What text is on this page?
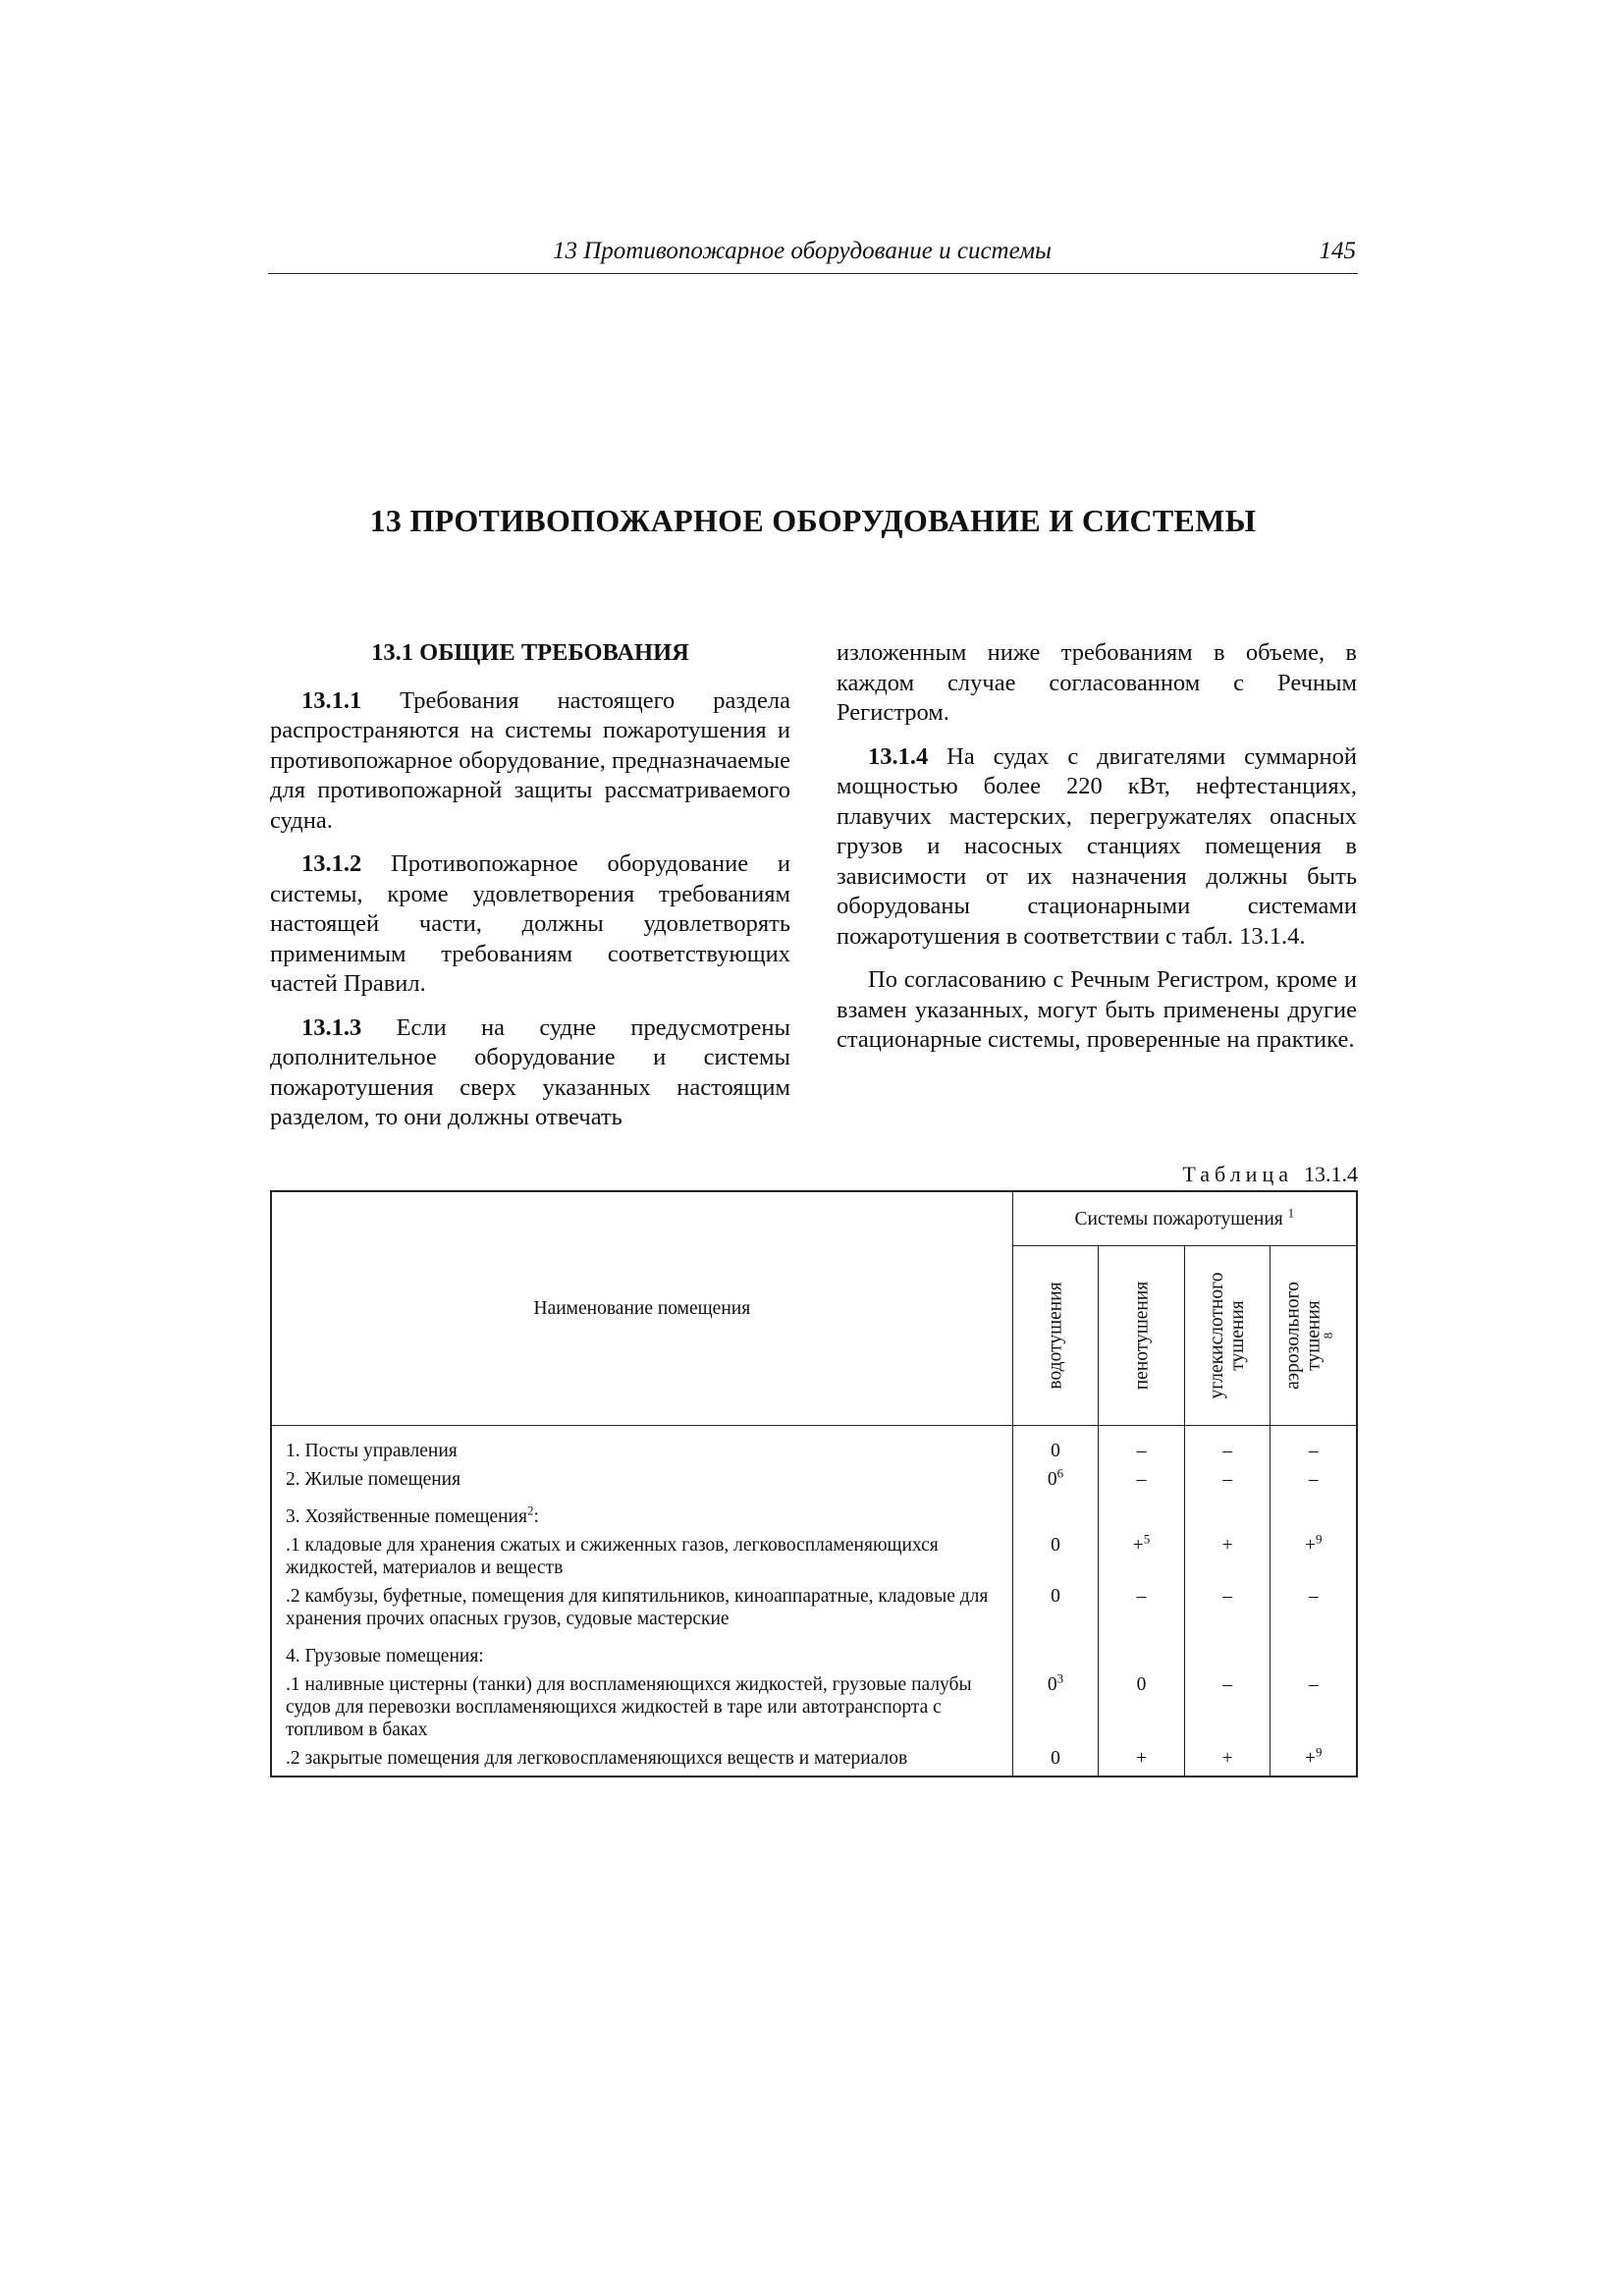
13 Противопожарное оборудование и системы	145
13 ПРОТИВОПОЖАРНОЕ ОБОРУДОВАНИЕ И СИСТЕМЫ
13.1 ОБЩИЕ ТРЕБОВАНИЯ

13.1.1 Требования настоящего раздела распространяются на системы пожаротушения и противопожарное оборудование, предназначаемые для противопожарной защиты рассматриваемого судна.

13.1.2 Противопожарное оборудование и системы, кроме удовлетворения требованиям настоящей части, должны удовлетворять применимым требованиям соответствующих частей Правил.

13.1.3 Если на судне предусмотрены дополнительное оборудование и системы пожаротушения сверх указанных настоящим разделом, то они должны отвечать

изложенным ниже требованиям в объеме, в каждом случае согласованном с Речным Регистром.

13.1.4 На судах с двигателями суммарной мощностью более 220 кВт, нефтестанциях, плавучих мастерских, перегружателях опасных грузов и насосных станциях помещения в зависимости от их назначения должны быть оборудованы стационарными системами пожаротушения в соответствии с табл. 13.1.4.

По согласованию с Речным Регистром, кроме и взамен указанных, могут быть применены другие стационарные системы, проверенные на практике.

Таблица 13.1.4
Наименование помещения	Системы пожаротушения $^1$

	водотушения	пенотушения	углекислотного тушения	аэрозольного тушения
$^8$

1. Посты управления	0	–	–	–
2. Жилые помещения	$0^6$	–	–	–
3. Хозяйственные помещения$^2$:				
.1 кладовые для хранения сжатых и сжиженных газов, легковоспламеняющихся жидкостей, материалов и веществ	0	+$^5$	+	+$^9$
.2 камбузы, буфетные, помещения для кипятильников, киноаппаратные, кладовые для хранения прочих опасных грузов, судовые мастерские	0	–	–	–
4. Грузовые помещения:				
.1 наливные цистерны (танки) для воспламеняющихся жидкостей, грузовые палубы судов для перевозки воспламеняющихся жидкостей в таре или автотранспорта с топливом в баках	$0^3$	0	–	–
.2 закрытые помещения для легковоспламеняющихся веществ и материалов	0	+	+	+$^9$
